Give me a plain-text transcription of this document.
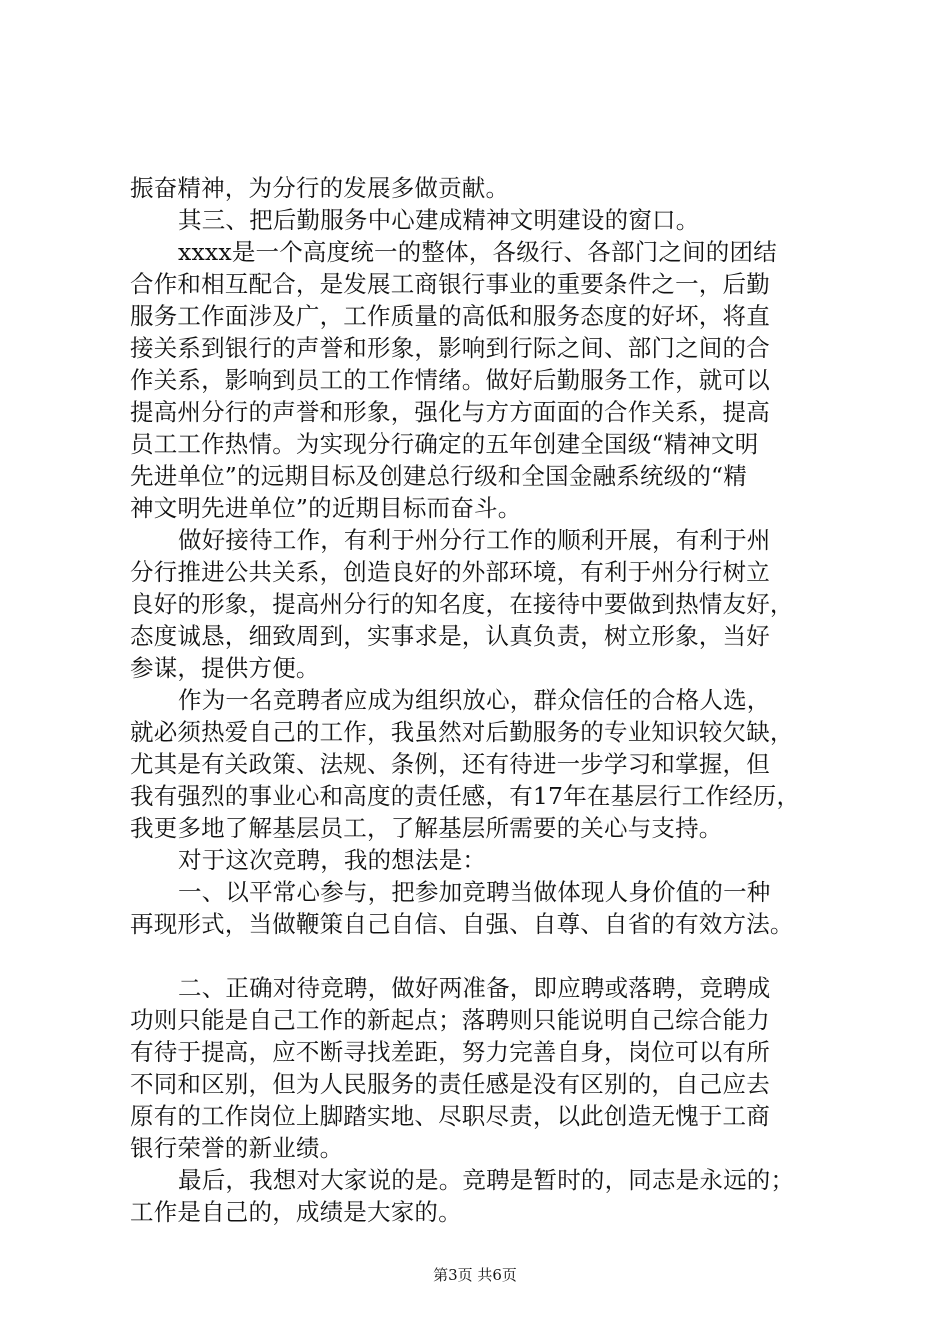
振奋精神，为分行的发展多做贡献。
其三、把后勤服务中心建成精神文明建设的窗口。
xxxx是一个高度统一的整体，各级行、各部门之间的团结
合作和相互配合，是发展工商银行事业的重要条件之一，后勤
服务工作面涉及广，工作质量的高低和服务态度的好坏，将直
接关系到银行的声誉和形象，影响到行际之间、部门之间的合
作关系，影响到员工的工作情绪。做好后勤服务工作，就可以
提高州分行的声誉和形象，强化与方方面面的合作关系，提高
员工工作热情。为实现分行确定的五年创建全国级“精神文明
先进单位”的远期目标及创建总行级和全国金融系统级的“精
神文明先进单位”的近期目标而奋斗。
做好接待工作，有利于州分行工作的顺利开展，有利于州
分行推进公共关系，创造良好的外部环境，有利于州分行树立
良好的形象，提高州分行的知名度，在接待中要做到热情友好，
态度诚恳，细致周到，实事求是，认真负责，树立形象，当好
参谋，提供方便。
作为一名竞聘者应成为组织放心，群众信任的合格人选，
就必须热爱自己的工作，我虽然对后勤服务的专业知识较欠缺，
尤其是有关政策、法规、条例，还有待进一步学习和掌握，但
我有强烈的事业心和高度的责任感，有17年在基层行工作经历，
我更多地了解基层员工，了解基层所需要的关心与支持。
对于这次竞聘，我的想法是：
一、以平常心参与，把参加竞聘当做体现人身价值的一种
再现形式，当做鞭策自己自信、自强、自尊、自省的有效方法。
二、正确对待竞聘，做好两准备，即应聘或落聘，竞聘成
功则只能是自己工作的新起点；落聘则只能说明自己综合能力
有待于提高，应不断寻找差距，努力完善自身，岗位可以有所
不同和区别，但为人民服务的责任感是没有区别的，自己应去
原有的工作岗位上脚踏实地、尽职尽责，以此创造无愧于工商
银行荣誉的新业绩。
最后，我想对大家说的是。竞聘是暂时的，同志是永远的；
工作是自己的，成绩是大家的。
第3页 共6页
